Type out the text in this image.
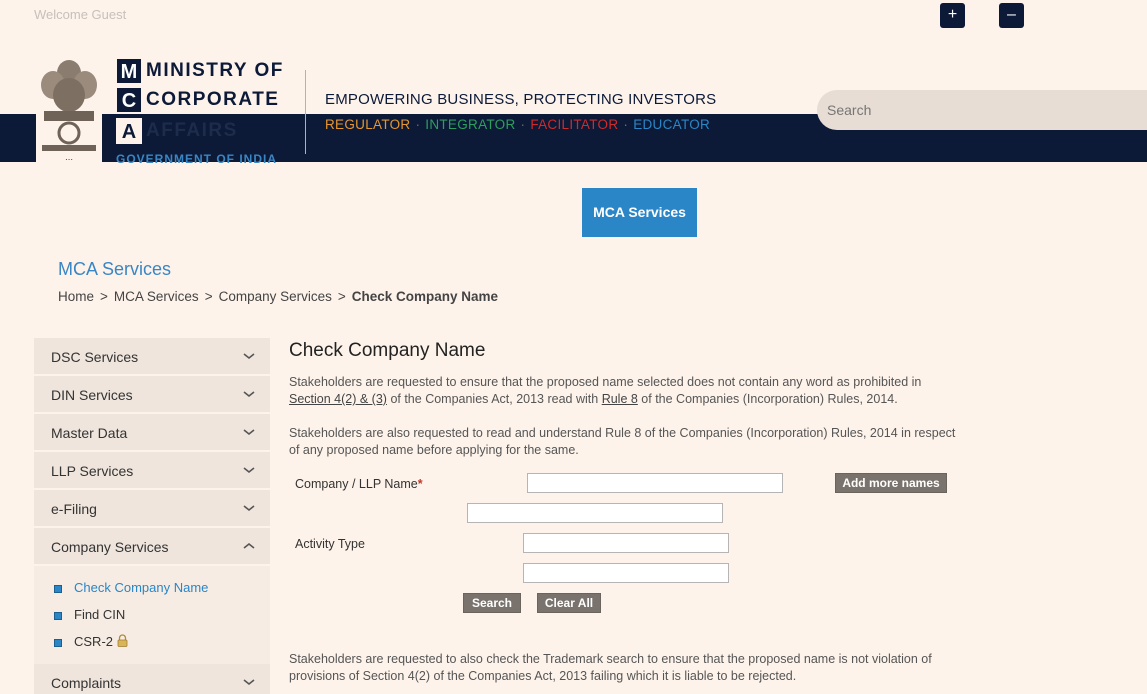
Welcome Guest	+	–
⋯
M MINISTRY OF
C CORPORATE
A AFFAIRS
GOVERNMENT OF INDIA
EMPOWERING BUSINESS, PROTECTING INVESTORS
REGULATOR · INTEGRATOR · FACILITATOR · EDUCATOR
Search
MCA Services
MCA Services
Home > MCA Services > Company Services > Check Company Name
DSC Services
DIN Services
Master Data
LLP Services
e-Filing
Company Services
Check Company Name
Find CIN
CSR-2
Complaints
Check Company Name
Stakeholders are requested to ensure that the proposed name selected does not contain any word as prohibited in
Section 4(2) & (3) of the Companies Act, 2013 read with Rule 8 of the Companies (Incorporation) Rules, 2014.
Stakeholders are also requested to read and understand Rule 8 of the Companies (Incorporation) Rules, 2014 in respect of any proposed name before applying for the same.
Company / LLP Name*	Add more names
Activity Type
Search	Clear All
Stakeholders are requested to also check the Trademark search to ensure that the proposed name is not violation of provisions of Section 4(2) of the Companies Act, 2013 failing which it is liable to be rejected.
